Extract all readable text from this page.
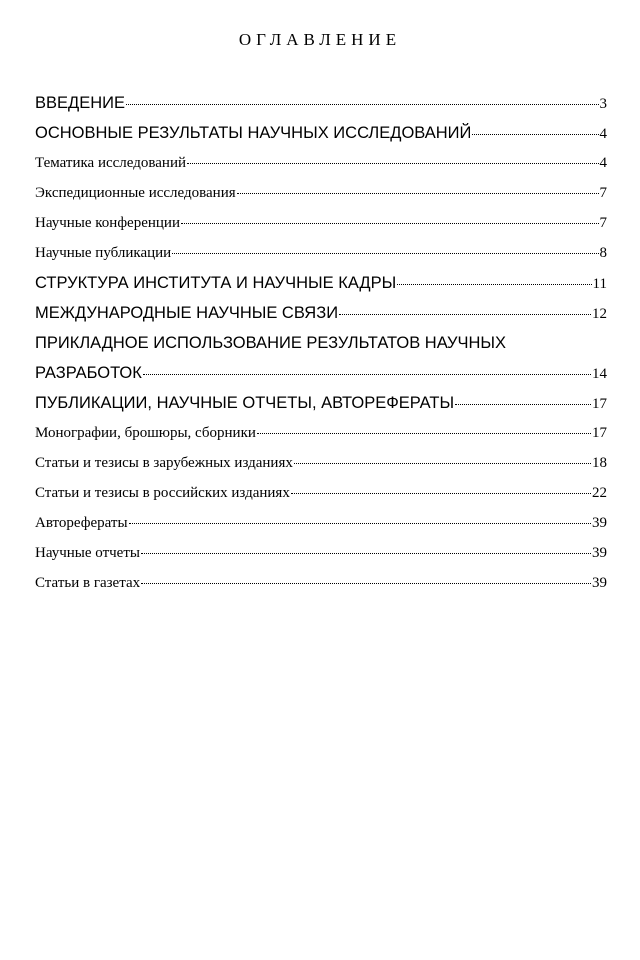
ОГЛАВЛЕНИЕ
ВВЕДЕНИЕ	3
ОСНОВНЫЕ РЕЗУЛЬТАТЫ НАУЧНЫХ ИССЛЕДОВАНИЙ	4
Тематика исследований	4
Экспедиционные исследования	7
Научные конференции	7
Научные публикации	8
СТРУКТУРА ИНСТИТУТА И НАУЧНЫЕ КАДРЫ	11
МЕЖДУНАРОДНЫЕ НАУЧНЫЕ СВЯЗИ	12
ПРИКЛАДНОЕ ИСПОЛЬЗОВАНИЕ РЕЗУЛЬТАТОВ НАУЧНЫХ
РАЗРАБОТОК	14
ПУБЛИКАЦИИ, НАУЧНЫЕ ОТЧЕТЫ, АВТОРЕФЕРАТЫ	17
Монографии, брошюры, сборники	17
Статьи и тезисы в зарубежных изданиях	18
Статьи и тезисы в российских изданиях	22
Авторефераты	39
Научные отчеты	39
Статьи в газетах	39
